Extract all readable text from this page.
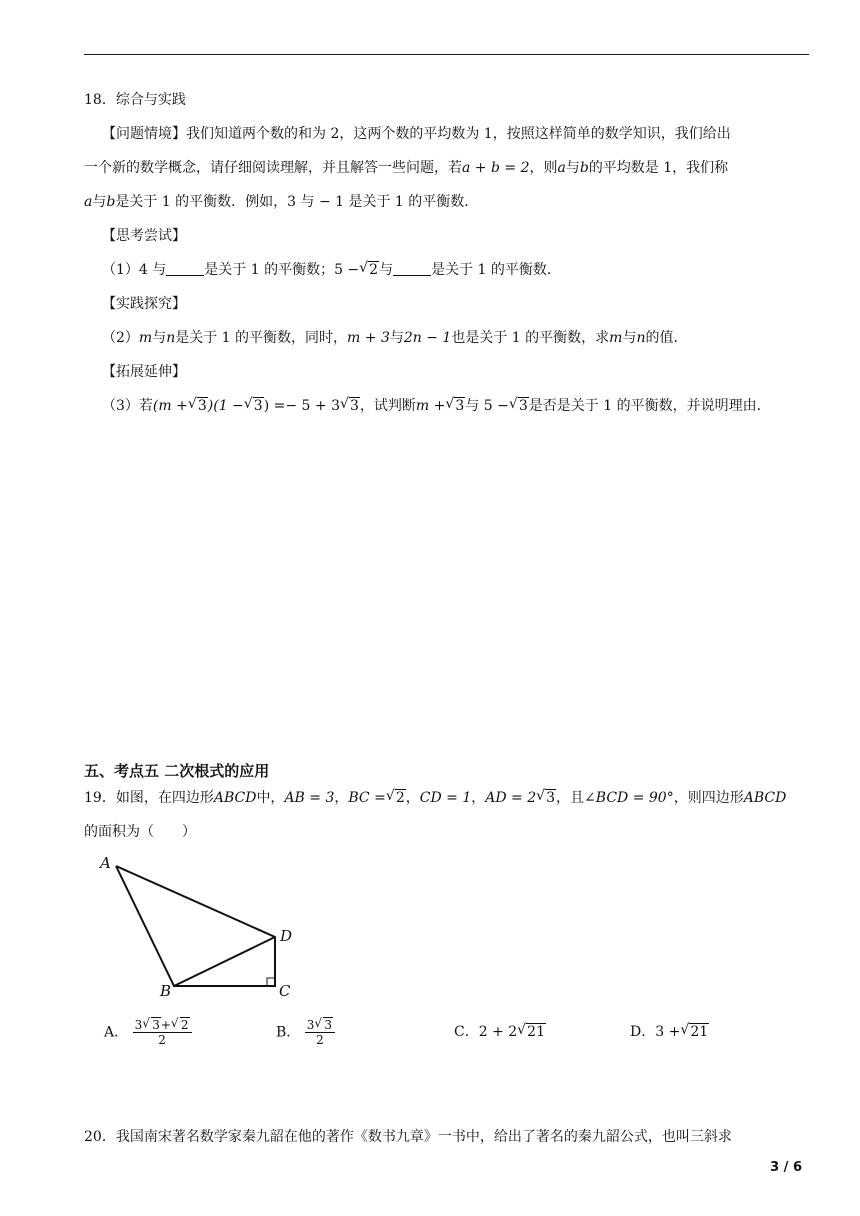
18．综合与实践
【问题情境】我们知道两个数的和为 2，这两个数的平均数为 1，按照这样简单的数学知识，我们给出
一个新的数学概念，请仔细阅读理解，并且解答一些问题，若a + b = 2，则a与b的平均数是 1，我们称
a与b是关于 1 的平衡数．例如，3 与 − 1 是关于 1 的平衡数．
【思考尝试】
（1）4 与	是关于 1 的平衡数；5 − √ 2与	是关于 1 的平衡数．
【实践探究】
（2）m与n是关于 1 的平衡数，同时，m + 3与2n − 1也是关于 1 的平衡数，求m与n的值．
【拓展延伸】
（3）若(m + √ 3)(1 − √ 3) =− 5 + 3 √ 3，试判断m + √ 3与 5 − √ 3是否是关于 1 的平衡数，并说明理由．
五、考点五 二次根式的应用
19．如图，在四边形ABCD中，AB = 3，BC = √ 2，CD = 1，AD = 2 √ 3，且∠BCD = 90°，则四边形ABCD
的面积为（　　）
A
B	C
D
A． $\frac{3 √ 3+ √ 2}{2}$	B． $\frac{3 √ 3}{2}$	C．2 + 2 √ 21	D．3 + √ 21
20．我国南宋著名数学家秦九韶在他的著作《数书九章》一书中，给出了著名的秦九韶公式，也叫三斜求
3 / 6
